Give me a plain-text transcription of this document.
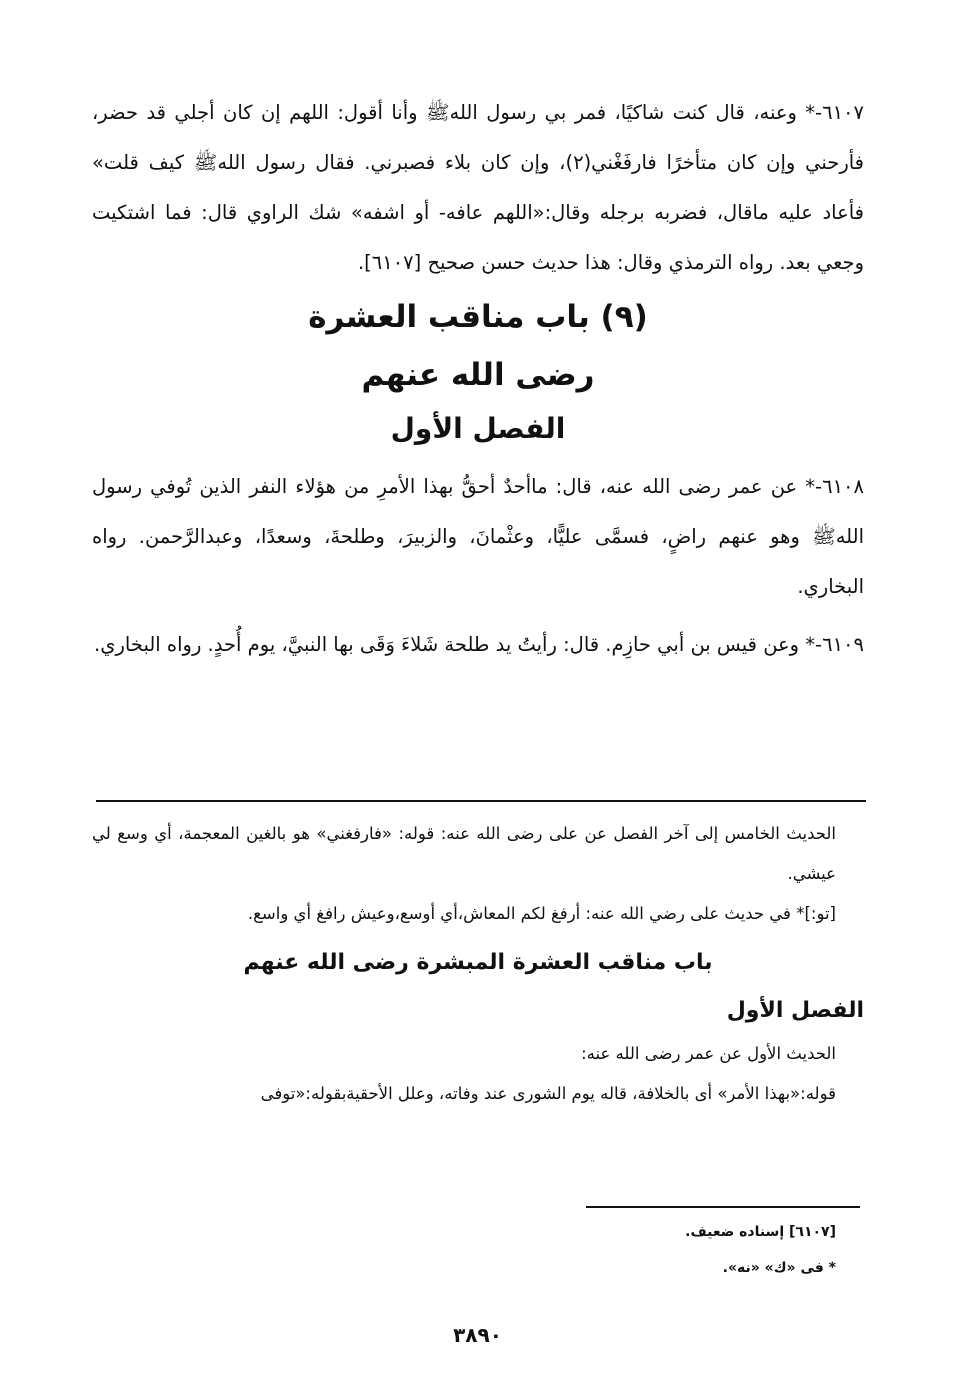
٦١٠٧-* وعنه، قال كنت شاكيًا، فمر بي رسول اللهﷺ وأنا أقول: اللهم إن كان أجلي قد حضر، فأرحني وإن كان متأخرًا فارفَغْني(٢)، وإن كان بلاء فصبرني. فقال رسول اللهﷺ كيف قلت» فأعاد عليه ماقال، فضربه برجله وقال:«اللهم عافه- أو اشفه» شك الراوي قال: فما اشتكيت وجعي بعد. رواه الترمذي وقال: هذا حديث حسن صحيح [٦١٠٧].

(٩) باب مناقب العشرة

رضى الله عنهم

الفصل الأول

٦١٠٨-* عن عمر رضى الله عنه، قال: ماأحدٌ أحقُّ بهذا الأمرِ من هؤلاء النفر الذين تُوفي رسول اللهﷺ وهو عنهم راضٍ، فسمَّى عليًّا، وعثْمانَ، والزبيرَ، وطلحةَ، وسعدًا، وعبدالرَّحمن. رواه البخاري.

٦١٠٩-* وعن قيس بن أبي حازِم. قال: رأيتُ يد طلحة شَلاءَ وَقَى بها النبيَّ، يوم أُحدٍ. رواه البخاري.

الحديث الخامس إلى آخر الفصل عن على رضى الله عنه: قوله: «فارفغني» هو بالغين المعجمة، أي وسع لي عيشي.

[تو:]* في حديث على رضي الله عنه: أرفغ لكم المعاش،أي أوسع،وعيش رافغ أي واسع.

باب مناقب العشرة المبشرة رضى الله عنهم

الفصل الأول

الحديث الأول عن عمر رضى الله عنه:

قوله:«بهذا الأمر» أى بالخلافة، قاله يوم الشورى عند وفاته، وعلل الأحقيةبقوله:«توفى

[٦١٠٧] إسناده ضعيف.

* فى «ك» «نه».

٣٨٩٠
